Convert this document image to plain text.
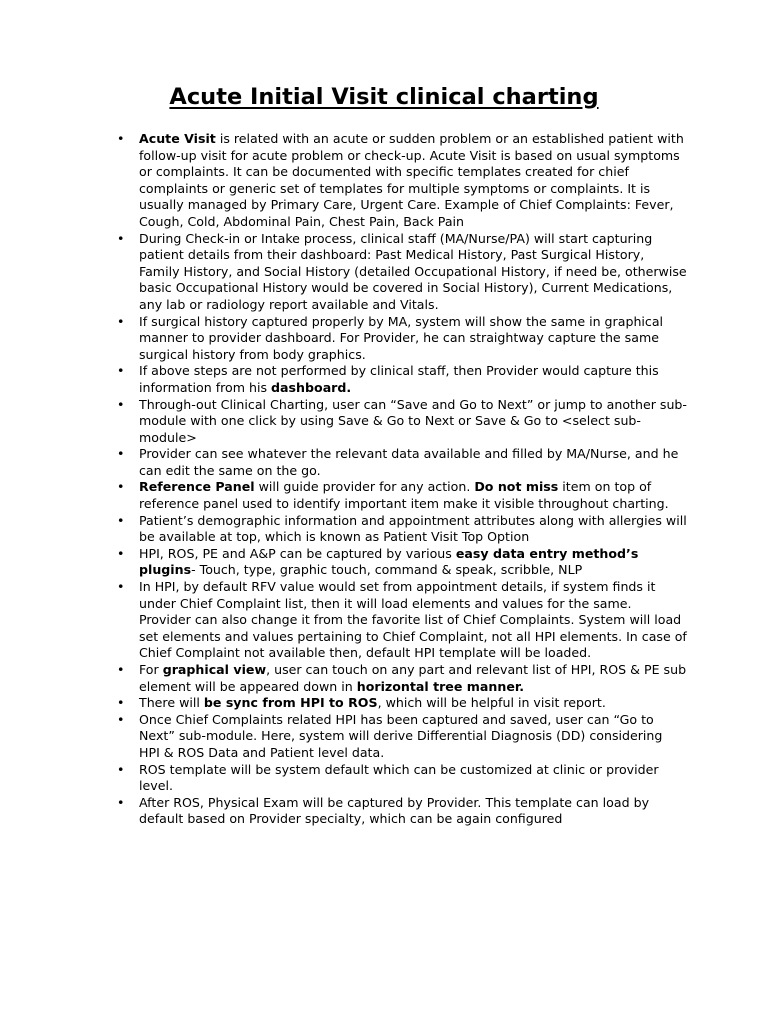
Acute Initial Visit clinical charting
• Acute Visit is related with an acute or sudden problem or an established patient with follow-up visit for acute problem or check-up. Acute Visit is based on usual symptoms or complaints. It can be documented with specific templates created for chief complaints or generic set of templates for multiple symptoms or complaints. It is usually managed by Primary Care, Urgent Care. Example of Chief Complaints: Fever, Cough, Cold, Abdominal Pain, Chest Pain, Back Pain
• During Check-in or Intake process, clinical staff (MA/Nurse/PA) will start capturing patient details from their dashboard: Past Medical History, Past Surgical History, Family History, and Social History (detailed Occupational History, if need be, otherwise basic Occupational History would be covered in Social History), Current Medications, any lab or radiology report available and Vitals.
• If surgical history captured properly by MA, system will show the same in graphical manner to provider dashboard. For Provider, he can straightway capture the same surgical history from body graphics.
• If above steps are not performed by clinical staff, then Provider would capture this information from his dashboard.
• Through-out Clinical Charting, user can “Save and Go to Next” or jump to another sub-module with one click by using Save & Go to Next or Save & Go to <select sub-module>
• Provider can see whatever the relevant data available and filled by MA/Nurse, and he can edit the same on the go.
• Reference Panel will guide provider for any action. Do not miss item on top of reference panel used to identify important item make it visible throughout charting.
• Patient’s demographic information and appointment attributes along with allergies will be available at top, which is known as Patient Visit Top Option
• HPI, ROS, PE and A&P can be captured by various easy data entry method’s plugins- Touch, type, graphic touch, command & speak, scribble, NLP
• In HPI, by default RFV value would set from appointment details, if system finds it under Chief Complaint list, then it will load elements and values for the same. Provider can also change it from the favorite list of Chief Complaints. System will load set elements and values pertaining to Chief Complaint, not all HPI elements. In case of Chief Complaint not available then, default HPI template will be loaded.
• For graphical view, user can touch on any part and relevant list of HPI, ROS & PE sub element will be appeared down in horizontal tree manner.
• There will be sync from HPI to ROS, which will be helpful in visit report.
• Once Chief Complaints related HPI has been captured and saved, user can “Go to Next” sub-module. Here, system will derive Differential Diagnosis (DD) considering HPI & ROS Data and Patient level data.
• ROS template will be system default which can be customized at clinic or provider level.
• After ROS, Physical Exam will be captured by Provider. This template can load by default based on Provider specialty, which can be again configured
